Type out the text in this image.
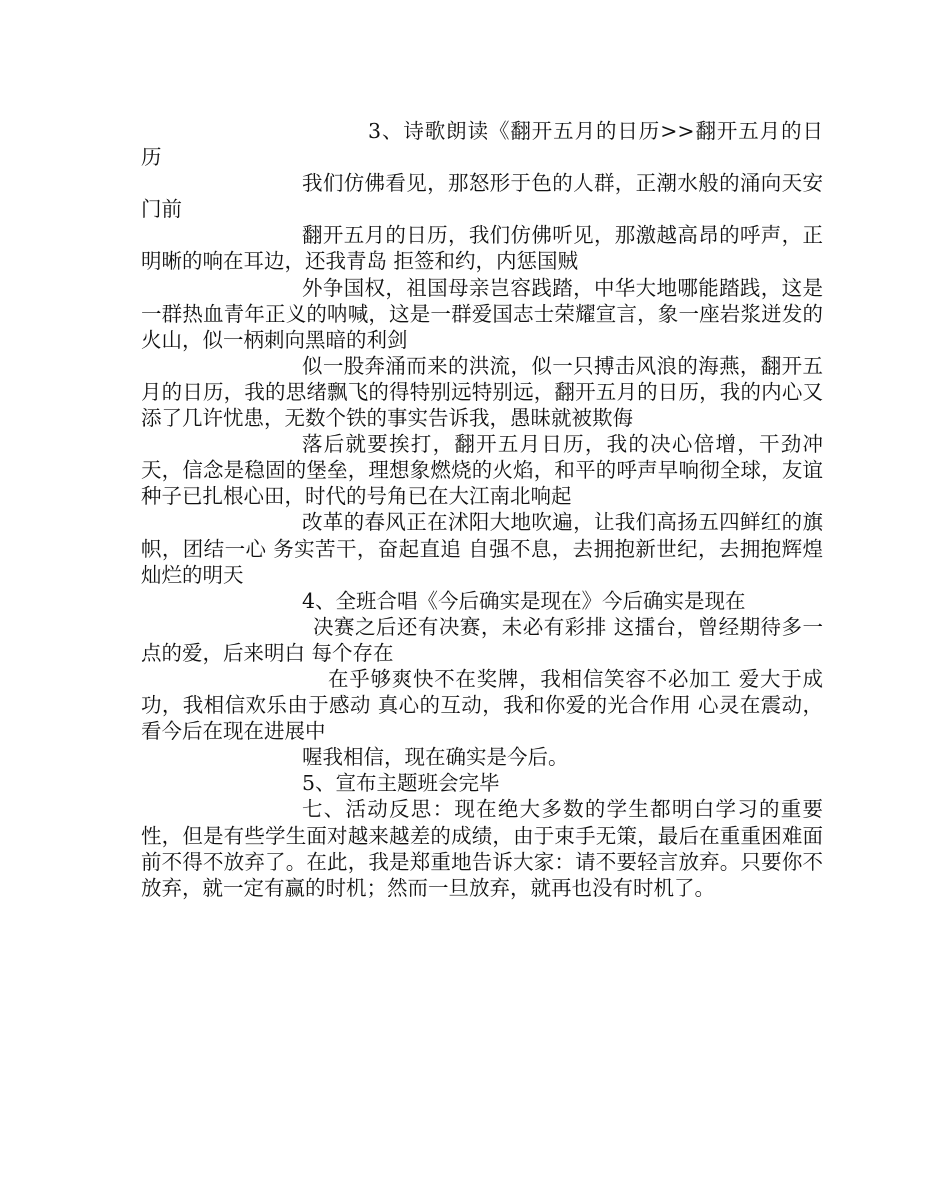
3、诗歌朗读《翻开五月的日历>>翻开五月的日历

我们仿佛看见，那怒形于色的人群，正潮水般的涌向天安门前

翻开五月的日历，我们仿佛听见，那激越高昂的呼声，正明晰的响在耳边，还我青岛 拒签和约，内惩国贼

外争国权，祖国母亲岂容践踏，中华大地哪能踏践，这是一群热血青年正义的呐喊，这是一群爱国志士荣耀宣言，象一座岩浆迸发的火山，似一柄刺向黑暗的利剑

似一股奔涌而来的洪流，似一只搏击风浪的海燕，翻开五月的日历，我的思绪飘飞的得特别远特别远，翻开五月的日历，我的内心又添了几许忧患，无数个铁的事实告诉我，愚昧就被欺侮

落后就要挨打，翻开五月日历，我的决心倍增，干劲冲天，信念是稳固的堡垒，理想象燃烧的火焰，和平的呼声早响彻全球，友谊种子已扎根心田，时代的号角已在大江南北响起

改革的春风正在沭阳大地吹遍，让我们高扬五四鲜红的旗帜，团结一心 务实苦干，奋起直追 自强不息，去拥抱新世纪，去拥抱辉煌灿烂的明天

4、全班合唱《今后确实是现在》今后确实是现在

决赛之后还有决赛，未必有彩排 这擂台，曾经期待多一点的爱，后来明白 每个存在

在乎够爽快不在奖牌，我相信笑容不必加工 爱大于成功，我相信欢乐由于感动 真心的互动，我和你爱的光合作用 心灵在震动，看今后在现在进展中

喔我相信，现在确实是今后。

5、宣布主题班会完毕

七、活动反思：现在绝大多数的学生都明白学习的重要性，但是有些学生面对越来越差的成绩，由于束手无策，最后在重重困难面前不得不放弃了。在此，我是郑重地告诉大家：请不要轻言放弃。只要你不放弃，就一定有赢的时机；然而一旦放弃，就再也没有时机了。
